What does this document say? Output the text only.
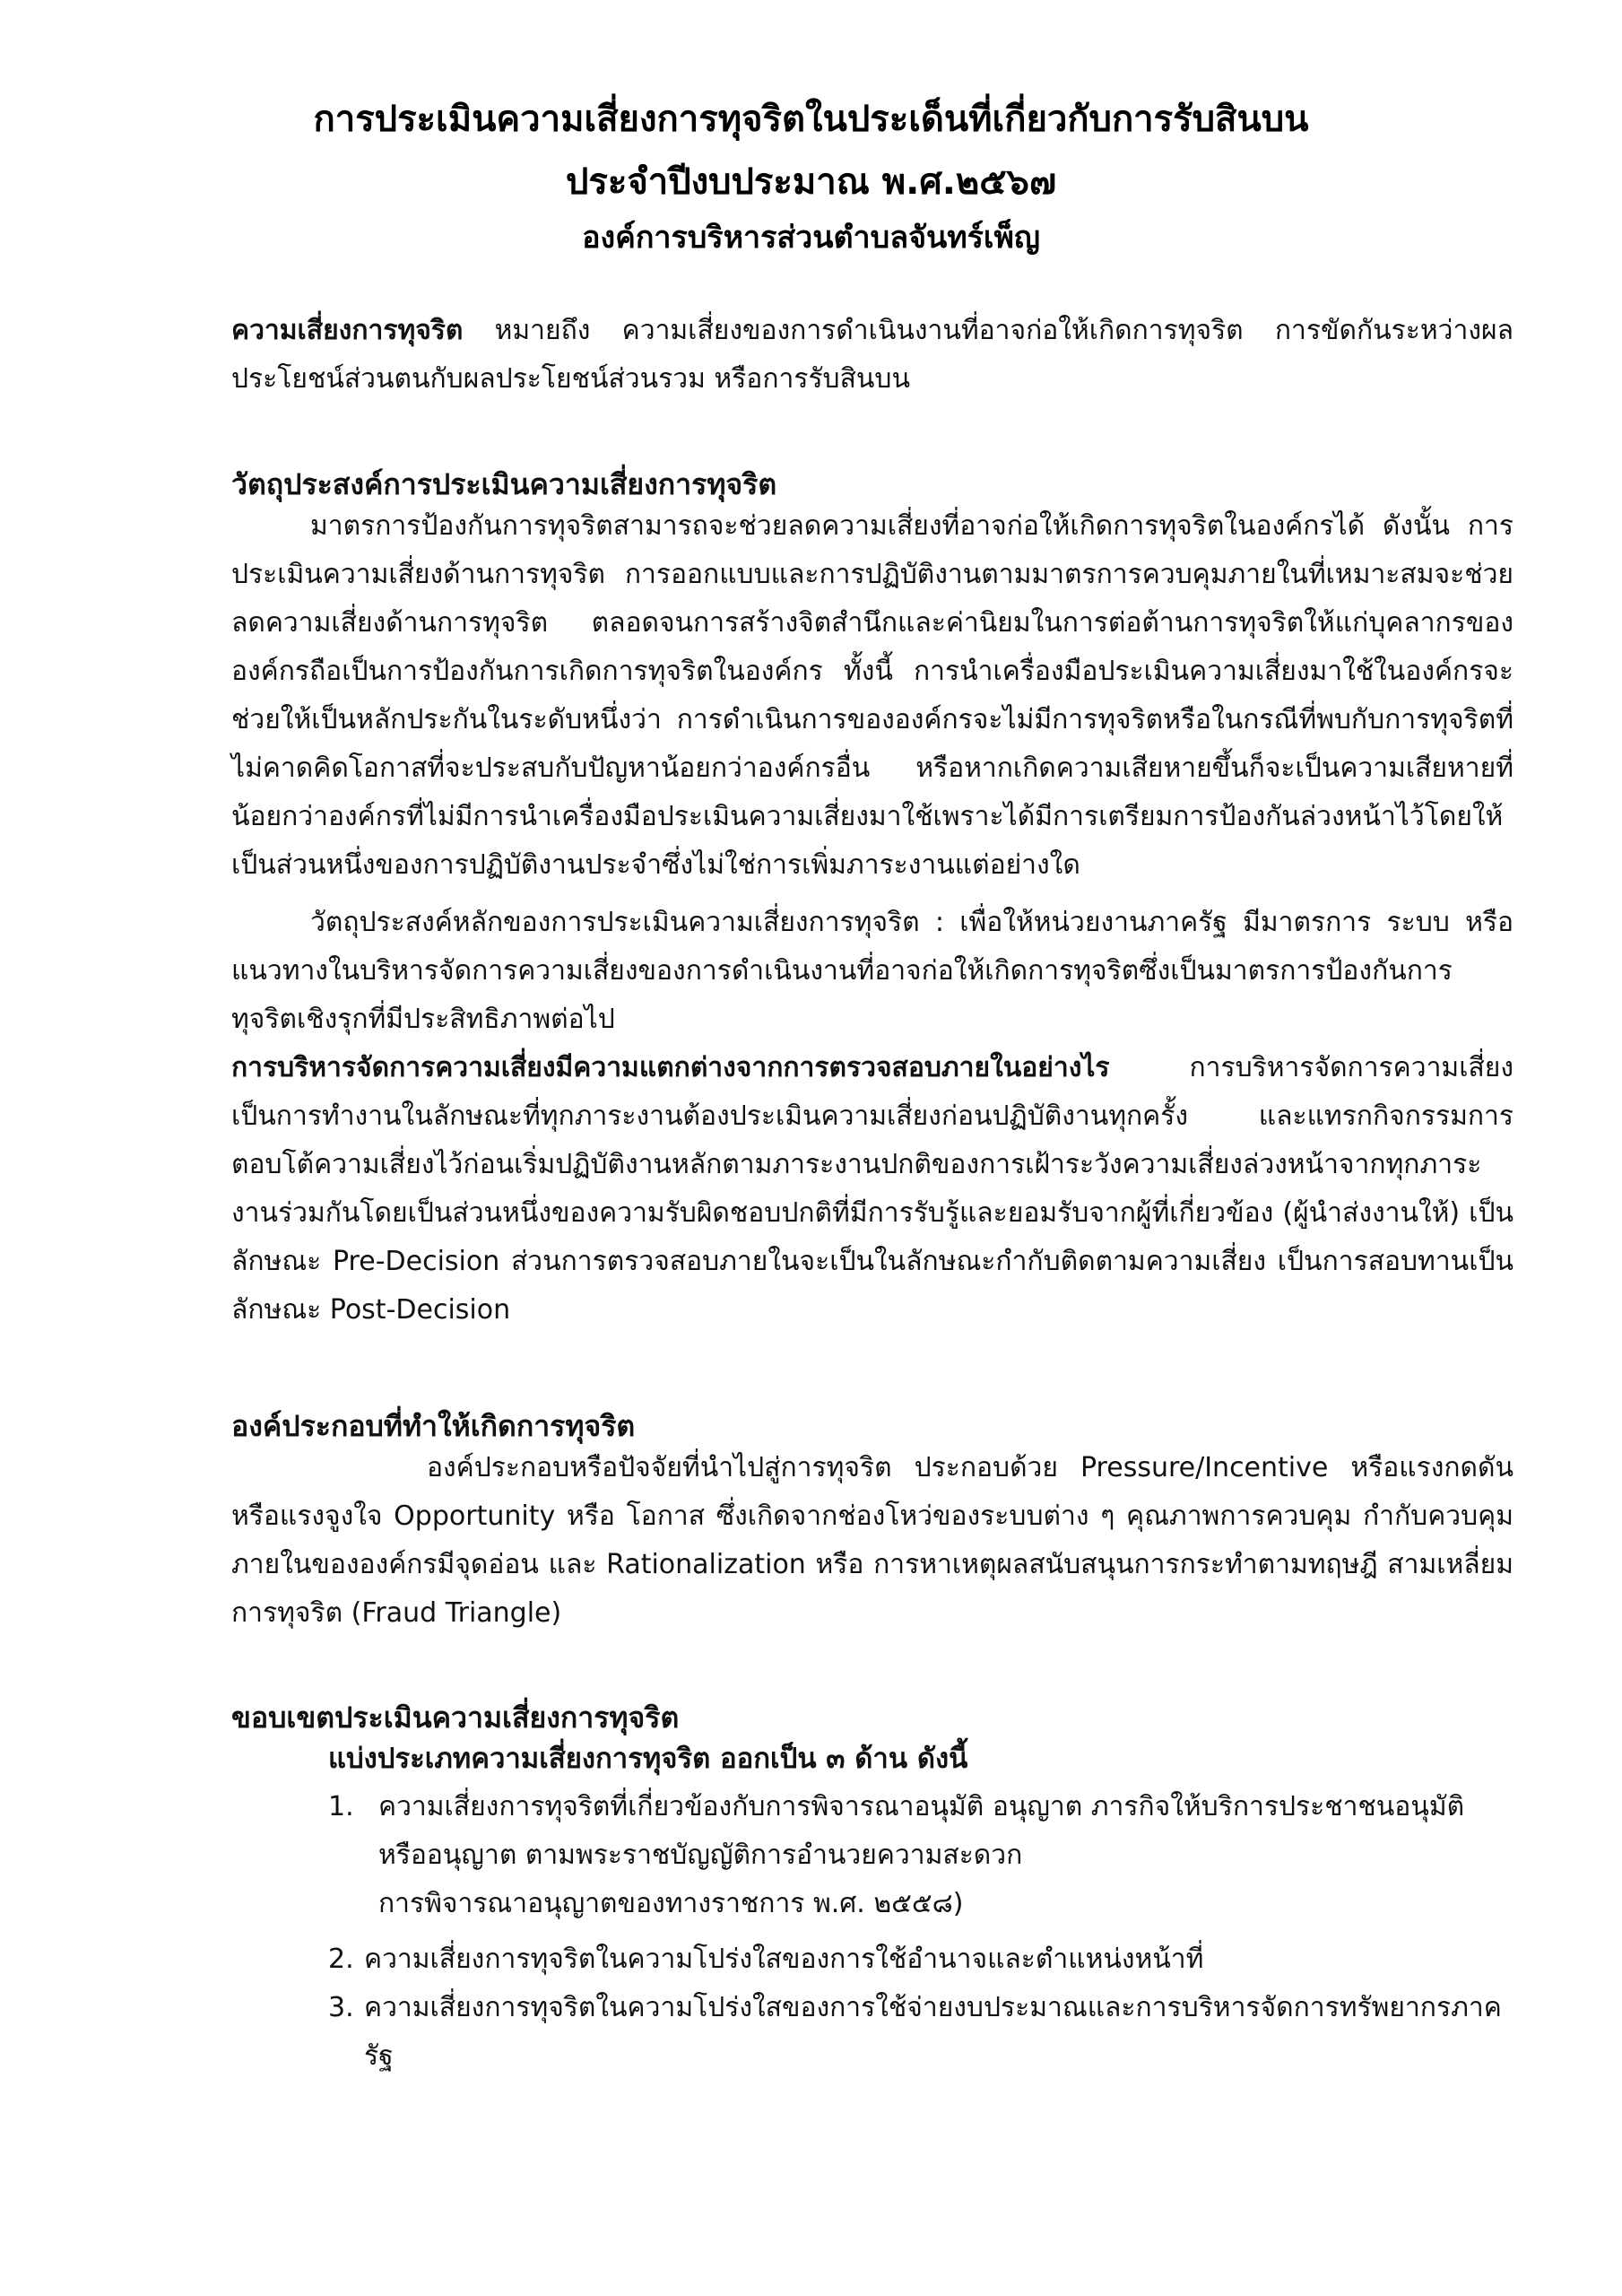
การประเมินความเสี่ยงการทุจริตในประเด็นที่เกี่ยวกับการรับสินบน
ประจำปีงบประมาณ พ.ศ.๒๕๖๗
องค์การบริหารส่วนตำบลจันทร์เพ็ญ
ความเสี่ยงการทุจริต หมายถึง ความเสี่ยงของการดำเนินงานที่อาจก่อให้เกิดการทุจริต การขัดกันระหว่างผลประโยชน์ส่วนตนกับผลประโยชน์ส่วนรวม หรือการรับสินบน
วัตถุประสงค์การประเมินความเสี่ยงการทุจริต
มาตรการป้องกันการทุจริตสามารถจะช่วยลดความเสี่ยงที่อาจก่อให้เกิดการทุจริตในองค์กรได้ ดังนั้น การประเมินความเสี่ยงด้านการทุจริต การออกแบบและการปฏิบัติงานตามมาตรการควบคุมภายในที่เหมาะสมจะช่วยลดความเสี่ยงด้านการทุจริต ตลอดจนการสร้างจิตสำนึกและค่านิยมในการต่อต้านการทุจริตให้แก่บุคลากรขององค์กรถือเป็นการป้องกันการเกิดการทุจริตในองค์กร ทั้งนี้ การนำเครื่องมือประเมินความเสี่ยงมาใช้ในองค์กรจะช่วยให้เป็นหลักประกันในระดับหนึ่งว่า การดำเนินการขององค์กรจะไม่มีการทุจริตหรือในกรณีที่พบกับการทุจริตที่ไม่คาดคิดโอกาสที่จะประสบกับปัญหาน้อยกว่าองค์กรอื่น หรือหากเกิดความเสียหายขึ้นก็จะเป็นความเสียหายที่น้อยกว่าองค์กรที่ไม่มีการนำเครื่องมือประเมินความเสี่ยงมาใช้เพราะได้มีการเตรียมการป้องกันล่วงหน้าไว้โดยให้เป็นส่วนหนึ่งของการปฏิบัติงานประจำซึ่งไม่ใช่การเพิ่มภาระงานแต่อย่างใด
วัตถุประสงค์หลักของการประเมินความเสี่ยงการทุจริต : เพื่อให้หน่วยงานภาครัฐ มีมาตรการ ระบบ หรือ แนวทางในบริหารจัดการความเสี่ยงของการดำเนินงานที่อาจก่อให้เกิดการทุจริตซึ่งเป็นมาตรการป้องกันการทุจริตเชิงรุกที่มีประสิทธิภาพต่อไป
การบริหารจัดการความเสี่ยงมีความแตกต่างจากการตรวจสอบภายในอย่างไร การบริหารจัดการความเสี่ยงเป็นการทำงานในลักษณะที่ทุกภาระงานต้องประเมินความเสี่ยงก่อนปฏิบัติงานทุกครั้ง และแทรกกิจกรรมการตอบโต้ความเสี่ยงไว้ก่อนเริ่มปฏิบัติงานหลักตามภาระงานปกติของการเฝ้าระวังความเสี่ยงล่วงหน้าจากทุกภาระงานร่วมกันโดยเป็นส่วนหนึ่งของความรับผิดชอบปกติที่มีการรับรู้และยอมรับจากผู้ที่เกี่ยวข้อง (ผู้นำส่งงานให้) เป็นลักษณะ Pre-Decision ส่วนการตรวจสอบภายในจะเป็นในลักษณะกำกับติดตามความเสี่ยง เป็นการสอบทานเป็นลักษณะ Post-Decision
องค์ประกอบที่ทำให้เกิดการทุจริต
องค์ประกอบหรือปัจจัยที่นำไปสู่การทุจริต ประกอบด้วย Pressure/Incentive หรือแรงกดดันหรือแรงจูงใจ Opportunity หรือ โอกาส ซึ่งเกิดจากช่องโหว่ของระบบต่าง ๆ คุณภาพการควบคุม กำกับควบคุมภายในขององค์กรมีจุดอ่อน และ Rationalization หรือ การหาเหตุผลสนับสนุนการกระทำตามทฤษฎี สามเหลี่ยมการทุจริต (Fraud Triangle)
ขอบเขตประเมินความเสี่ยงการทุจริต
แบ่งประเภทความเสี่ยงการทุจริต ออกเป็น ๓ ด้าน ดังนี้
1. ความเสี่ยงการทุจริตที่เกี่ยวข้องกับการพิจารณาอนุมัติ อนุญาต ภารกิจให้บริการประชาชนอนุมัติ
หรืออนุญาต ตามพระราชบัญญัติการอำนวยความสะดวก
การพิจารณาอนุญาตของทางราชการ พ.ศ. ๒๕๕๘)
2. ความเสี่ยงการทุจริตในความโปร่งใสของการใช้อำนาจและตำแหน่งหน้าที่
3. ความเสี่ยงการทุจริตในความโปร่งใสของการใช้จ่ายงบประมาณและการบริหารจัดการทรัพยากรภาครัฐ
